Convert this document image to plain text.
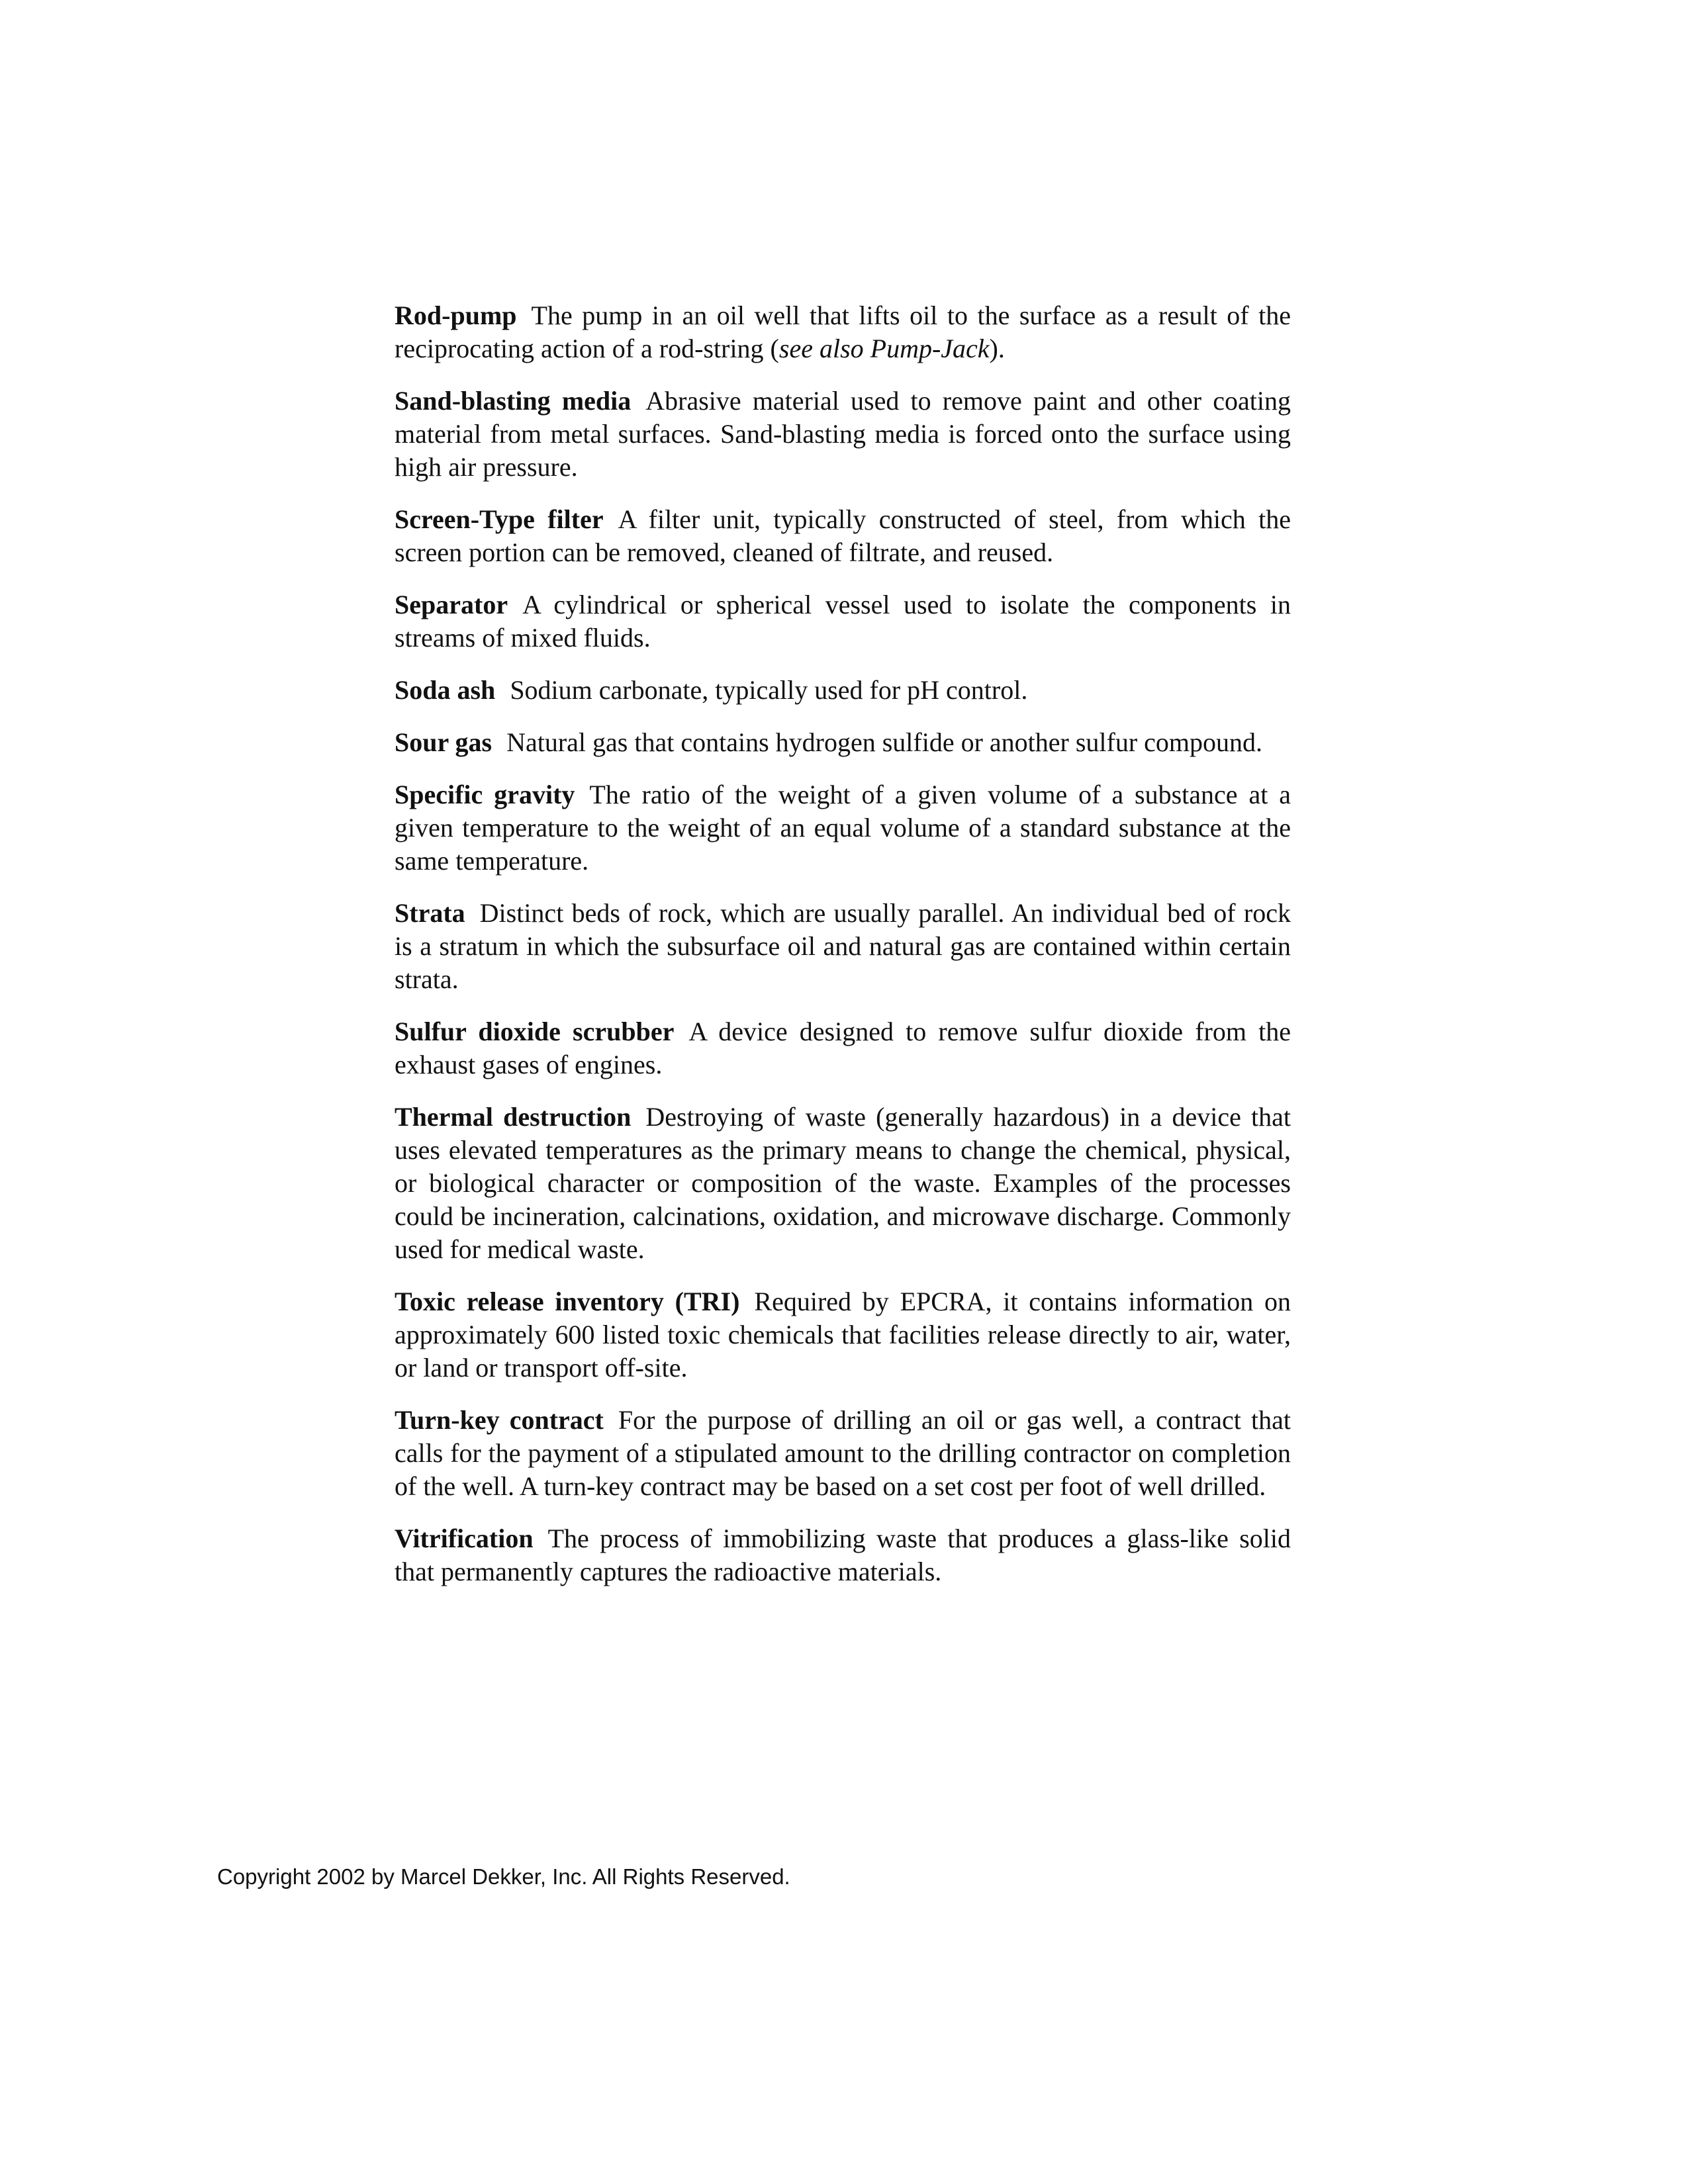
Rod-pump The pump in an oil well that lifts oil to the surface as a result of the reciprocating action of a rod-string (see also Pump-Jack).

Sand-blasting media Abrasive material used to remove paint and other coating material from metal surfaces. Sand-blasting media is forced onto the surface using high air pressure.

Screen-Type filter A filter unit, typically constructed of steel, from which the screen portion can be removed, cleaned of filtrate, and reused.

Separator A cylindrical or spherical vessel used to isolate the components in streams of mixed fluids.

Soda ash Sodium carbonate, typically used for pH control.

Sour gas Natural gas that contains hydrogen sulfide or another sulfur compound.

Specific gravity The ratio of the weight of a given volume of a substance at a given temperature to the weight of an equal volume of a standard substance at the same temperature.

Strata Distinct beds of rock, which are usually parallel. An individual bed of rock is a stratum in which the subsurface oil and natural gas are contained within certain strata.

Sulfur dioxide scrubber A device designed to remove sulfur dioxide from the exhaust gases of engines.

Thermal destruction Destroying of waste (generally hazardous) in a device that uses elevated temperatures as the primary means to change the chemical, physical, or biological character or composition of the waste. Examples of the processes could be incineration, calcinations, oxidation, and microwave discharge. Commonly used for medical waste.

Toxic release inventory (TRI) Required by EPCRA, it contains information on approximately 600 listed toxic chemicals that facilities release directly to air, water, or land or transport off-site.

Turn-key contract For the purpose of drilling an oil or gas well, a contract that calls for the payment of a stipulated amount to the drilling contractor on completion of the well. A turn-key contract may be based on a set cost per foot of well drilled.

Vitrification The process of immobilizing waste that produces a glass-like solid that permanently captures the radioactive materials.

Copyright 2002 by Marcel Dekker, Inc. All Rights Reserved.
